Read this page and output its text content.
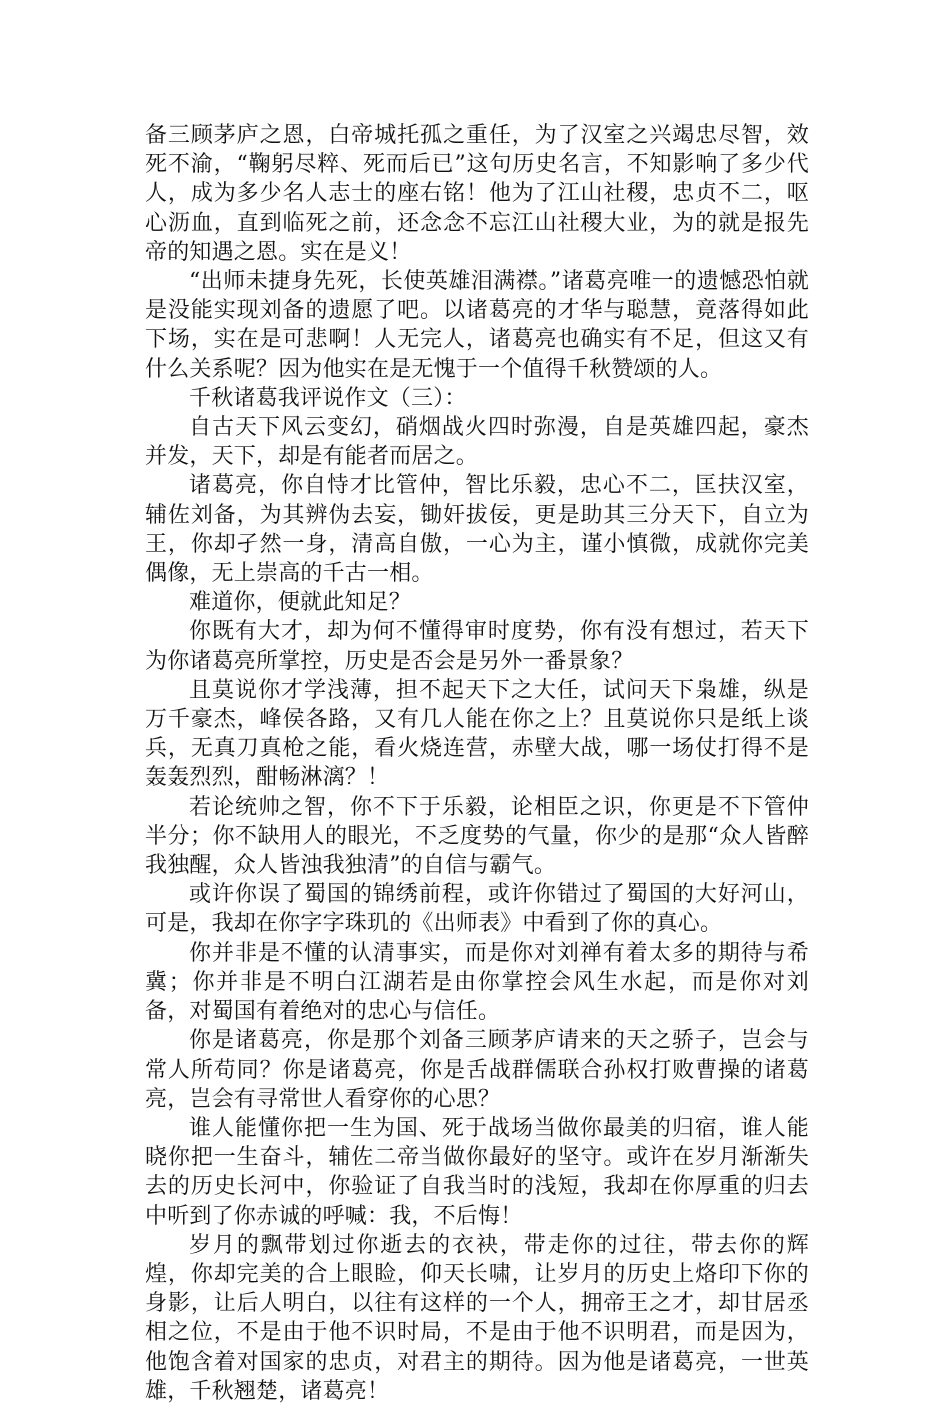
备三顾茅庐之恩，白帝城托孤之重任，为了汉室之兴竭忠尽智，效死不渝，“鞠躬尽粹、死而后已”这句历史名言，不知影响了多少代人，成为多少名人志士的座右铭！他为了江山社稷，忠贞不二，呕心沥血，直到临死之前，还念念不忘江山社稷大业，为的就是报先帝的知遇之恩。实在是义！

“出师未捷身先死，长使英雄泪满襟。”诸葛亮唯一的遗憾恐怕就是没能实现刘备的遗愿了吧。以诸葛亮的才华与聪慧，竟落得如此下场，实在是可悲啊！人无完人，诸葛亮也确实有不足，但这又有什么关系呢？因为他实在是无愧于一个值得千秋赞颂的人。

千秋诸葛我评说作文（三）：

自古天下风云变幻，硝烟战火四时弥漫，自是英雄四起，豪杰并发，天下，却是有能者而居之。

诸葛亮，你自恃才比管仲，智比乐毅，忠心不二，匡扶汉室，辅佐刘备，为其辨伪去妄，锄奸拔佞，更是助其三分天下，自立为王，你却孑然一身，清高自傲，一心为主，谨小慎微，成就你完美偶像，无上崇高的千古一相。

难道你，便就此知足？

你既有大才，却为何不懂得审时度势，你有没有想过，若天下为你诸葛亮所掌控，历史是否会是另外一番景象？

且莫说你才学浅薄，担不起天下之大任，试问天下枭雄，纵是万千豪杰，峰侯各路，又有几人能在你之上？且莫说你只是纸上谈兵，无真刀真枪之能，看火烧连营，赤壁大战，哪一场仗打得不是轰轰烈烈，酣畅淋漓？！

若论统帅之智，你不下于乐毅，论相臣之识，你更是不下管仲半分；你不缺用人的眼光，不乏度势的气量，你少的是那“众人皆醉我独醒，众人皆浊我独清”的自信与霸气。

或许你误了蜀国的锦绣前程，或许你错过了蜀国的大好河山，可是，我却在你字字珠玑的《出师表》中看到了你的真心。

你并非是不懂的认清事实，而是你对刘禅有着太多的期待与希冀；你并非是不明白江湖若是由你掌控会风生水起，而是你对刘备，对蜀国有着绝对的忠心与信任。

你是诸葛亮，你是那个刘备三顾茅庐请来的天之骄子，岂会与常人所苟同？你是诸葛亮，你是舌战群儒联合孙权打败曹操的诸葛亮，岂会有寻常世人看穿你的心思？

谁人能懂你把一生为国、死于战场当做你最美的归宿，谁人能晓你把一生奋斗，辅佐二帝当做你最好的坚守。或许在岁月渐渐失去的历史长河中，你验证了自我当时的浅短，我却在你厚重的归去中听到了你赤诚的呼喊：我，不后悔！

岁月的飘带划过你逝去的衣袂，带走你的过往，带去你的辉煌，你却完美的合上眼睑，仰天长啸，让岁月的历史上烙印下你的身影，让后人明白，以往有这样的一个人，拥帝王之才，却甘居丞相之位，不是由于他不识时局，不是由于他不识明君，而是因为，他饱含着对国家的忠贞，对君主的期待。因为他是诸葛亮，一世英雄，千秋翘楚，诸葛亮！
